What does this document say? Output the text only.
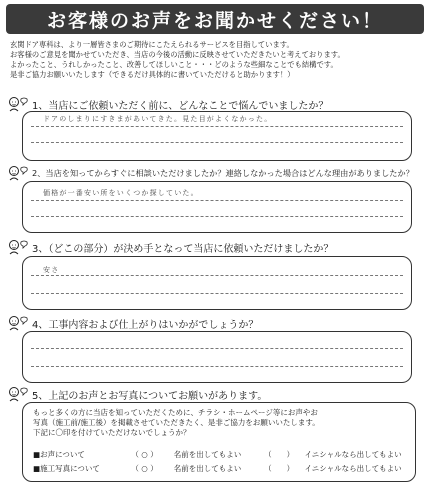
お客様のお声をお聞かせください！
玄関ドア専科は、より一層皆さまのご期待にこたえられるサービスを目指しています。
お客様のご意見を聞かせていただき、当店の今後の活動に反映させていただきたいと考えております。
よかったこと、うれしかったこと、改善してほしいこと・・・どのような些細なことでも結構です。
是非ご協力お願いいたします（できるだけ具体的に書いていただけると助かります！）
1、当店にご依頼いただく前に、どんなことで悩んでいましたか？
ドアのしまりにすきまがあいてきた。見た目がよくなかった。
2、当店を知ってからすぐに相談いただけましたか？連絡しなかった場合はどんな理由がありましたか？
価格が一番安い所をいくつか探していた。
3、（どこの部分）が決め手となって当店に依頼いただけましたか？
安さ
4、工事内容および仕上がりはいかがでしょうか？
5、上記のお声とお写真についてお願いがあります。
もっと多くの方に当店を知っていただくために、チラシ・ホームページ等にお声やお
写真（施工前/施工後）を掲載させていただきたく、是非ご協力をお願いいたします。
下記に〇印を付けていただけないでしょうか？
■お声について	（ ○ ） 名前を出してもよい	（　　） イニシャルなら出してもよい
■施工写真について	（ ○ ） 名前を出してもよい	（　　） イニシャルなら出してもよい
